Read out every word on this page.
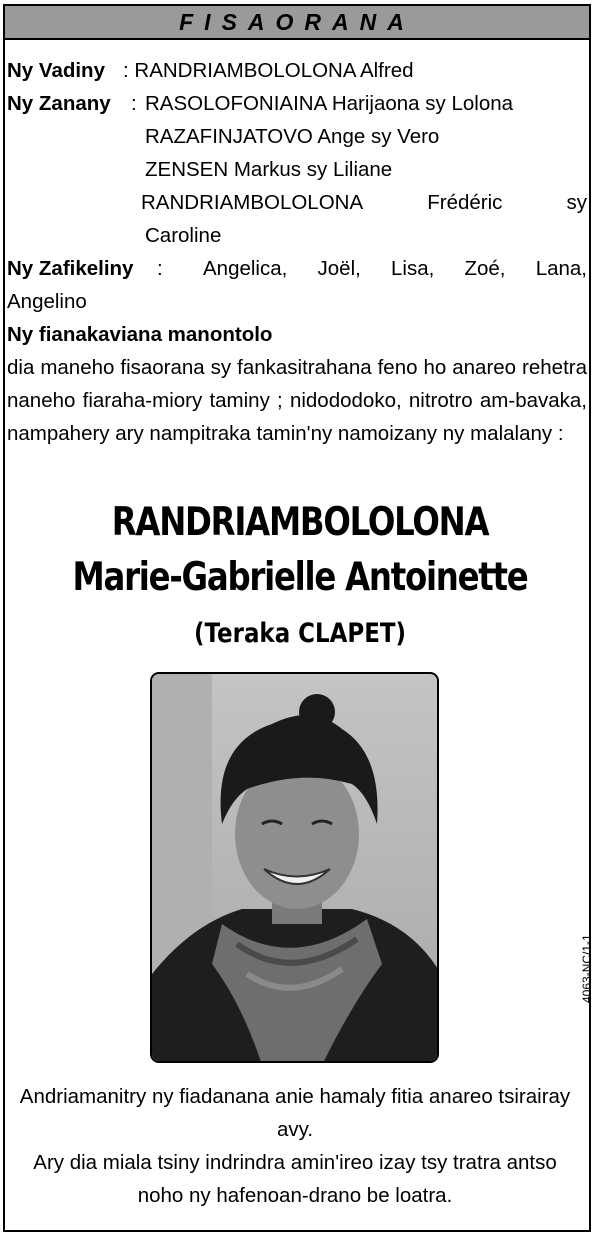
FISAORANA
Ny Vadiny : RANDRIAMBOLOLONA Alfred
Ny Zanany : RASOLOFONIAINA Harijaona sy Lolona
RAZAFINJATOVO Ange sy Vero
ZENSEN Markus sy Liliane
RANDRIAMBOLOLONA	Frédéric	sy
Caroline
Ny Zafikeliny : Angelica, Joël, Lisa, Zoé, Lana,
Angelino
Ny fianakaviana manontolo
dia maneho fisaorana sy fankasitrahana feno ho anareo rehetra naneho fiaraha-miory taminy ; nidododoko, nitrotro am-bavaka, nampahery ary nampitraka tamin'ny namoizany ny malalany :
RANDRIAMBOLOLONA
Marie-Gabrielle Antoinette
(Teraka CLAPET)
4063-NC/1-1
Andriamanitry ny fiadanana anie hamaly fitia anareo tsirairay avy.
Ary dia miala tsiny indrindra amin'ireo izay tsy tratra antso noho ny hafenoan-drano be loatra.
